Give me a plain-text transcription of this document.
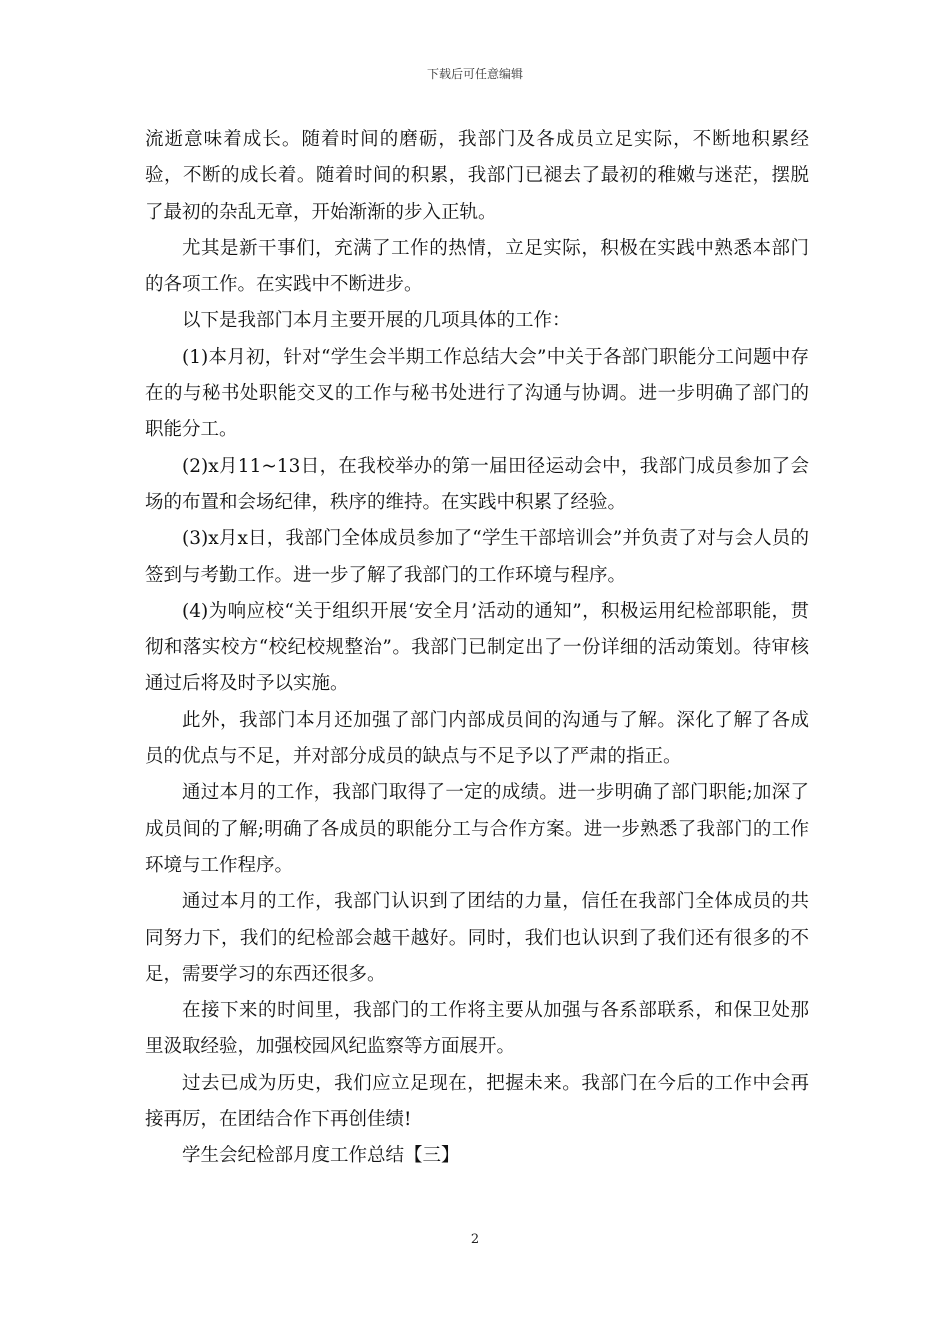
下载后可任意编辑

流逝意味着成长。随着时间的磨砺，我部门及各成员立足实际，不断地积累经验，不断的成长着。随着时间的积累，我部门已褪去了最初的稚嫩与迷茫，摆脱了最初的杂乱无章，开始渐渐的步入正轨。

尤其是新干事们，充满了工作的热情，立足实际，积极在实践中熟悉本部门的各项工作。在实践中不断进步。

以下是我部门本月主要开展的几项具体的工作：

(1)本月初，针对“学生会半期工作总结大会”中关于各部门职能分工问题中存在的与秘书处职能交叉的工作与秘书处进行了沟通与协调。进一步明确了部门的职能分工。

(2)x月11~13日，在我校举办的第一届田径运动会中，我部门成员参加了会场的布置和会场纪律，秩序的维持。在实践中积累了经验。

(3)x月x日，我部门全体成员参加了“学生干部培训会”并负责了对与会人员的签到与考勤工作。进一步了解了我部门的工作环境与程序。

(4)为响应校“关于组织开展‘安全月’活动的通知”，积极运用纪检部职能，贯彻和落实校方“校纪校规整治”。我部门已制定出了一份详细的活动策划。待审核通过后将及时予以实施。

此外，我部门本月还加强了部门内部成员间的沟通与了解。深化了解了各成员的优点与不足，并对部分成员的缺点与不足予以了严肃的指正。

通过本月的工作，我部门取得了一定的成绩。进一步明确了部门职能;加深了成员间的了解;明确了各成员的职能分工与合作方案。进一步熟悉了我部门的工作环境与工作程序。

通过本月的工作，我部门认识到了团结的力量，信任在我部门全体成员的共同努力下，我们的纪检部会越干越好。同时，我们也认识到了我们还有很多的不足，需要学习的东西还很多。

在接下来的时间里，我部门的工作将主要从加强与各系部联系，和保卫处那里汲取经验，加强校园风纪监察等方面展开。

过去已成为历史，我们应立足现在，把握未来。我部门在今后的工作中会再接再厉，在团结合作下再创佳绩!

学生会纪检部月度工作总结【三】

2
